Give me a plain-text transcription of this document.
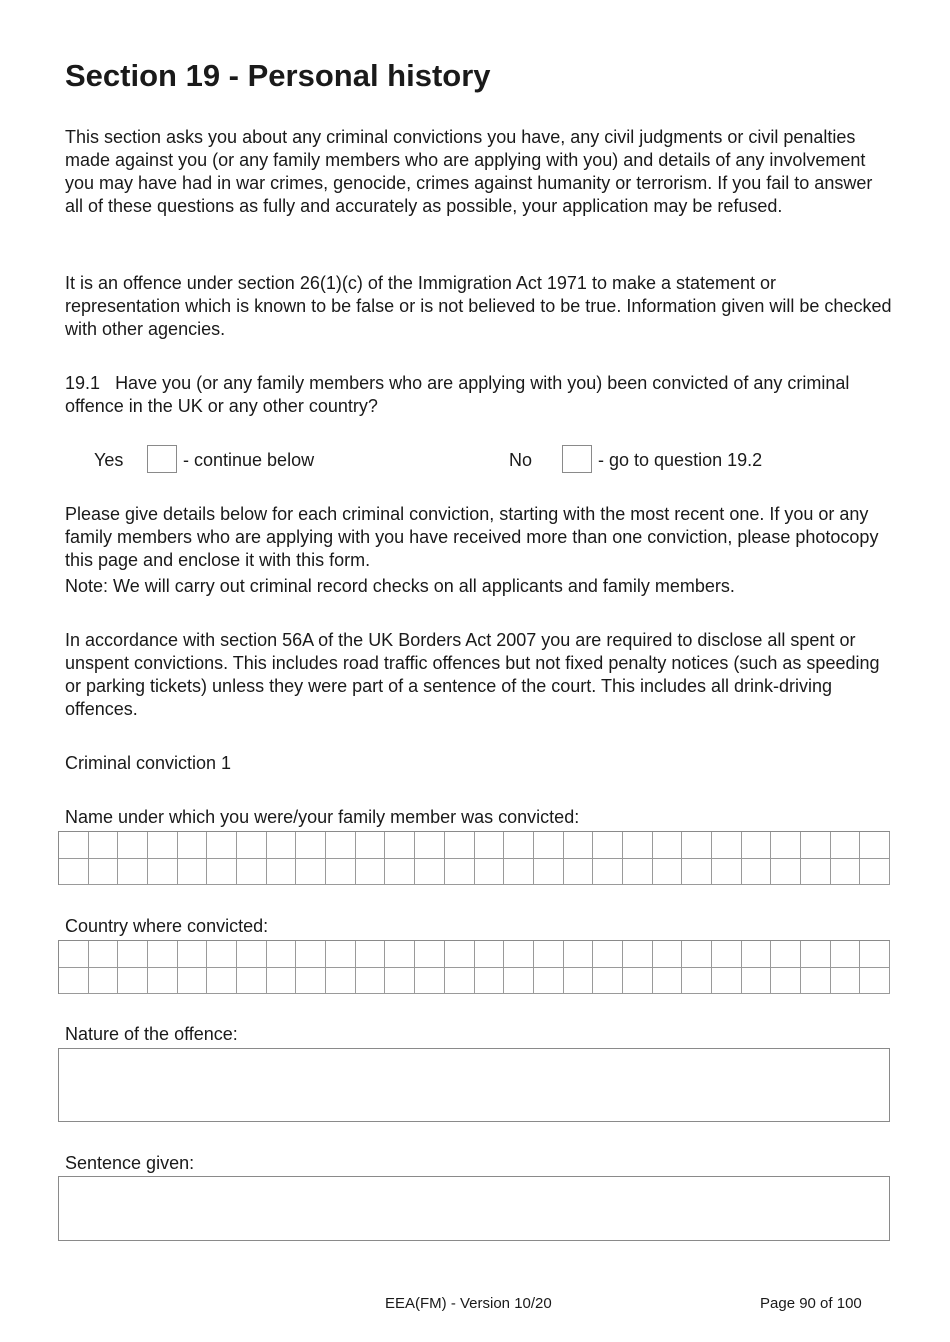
Section 19 - Personal history

This section asks you about any criminal convictions you have, any civil judgments or civil penalties made against you (or any family members who are applying with you) and details of any involvement you may have had in war crimes, genocide, crimes against humanity or terrorism. If you fail to answer all of these questions as fully and accurately as possible, your application may be refused.

It is an offence under section 26(1)(c) of the Immigration Act 1971 to make a statement or representation which is known to be false or is not believed to be true. Information given will be checked with other agencies.

19.1 Have you (or any family members who are applying with you) been convicted of any criminal offence in the UK or any other country?
Yes	- continue below	No	- go to question 19.2

Please give details below for each criminal conviction, starting with the most recent one. If you or any family members who are applying with you have received more than one conviction, please photocopy this page and enclose it with this form.

Note: We will carry out criminal record checks on all applicants and family members.

In accordance with section 56A of the UK Borders Act 2007 you are required to disclose all spent or unspent convictions. This includes road traffic offences but not fixed penalty notices (such as speeding or parking tickets) unless they were part of a sentence of the court. This includes all drink-driving offences.

Criminal conviction 1
Name under which you were/your family member was convicted:
Country where convicted:
Nature of the offence:
Sentence given:
EEA(FM) - Version 10/20	Page 90 of 100
